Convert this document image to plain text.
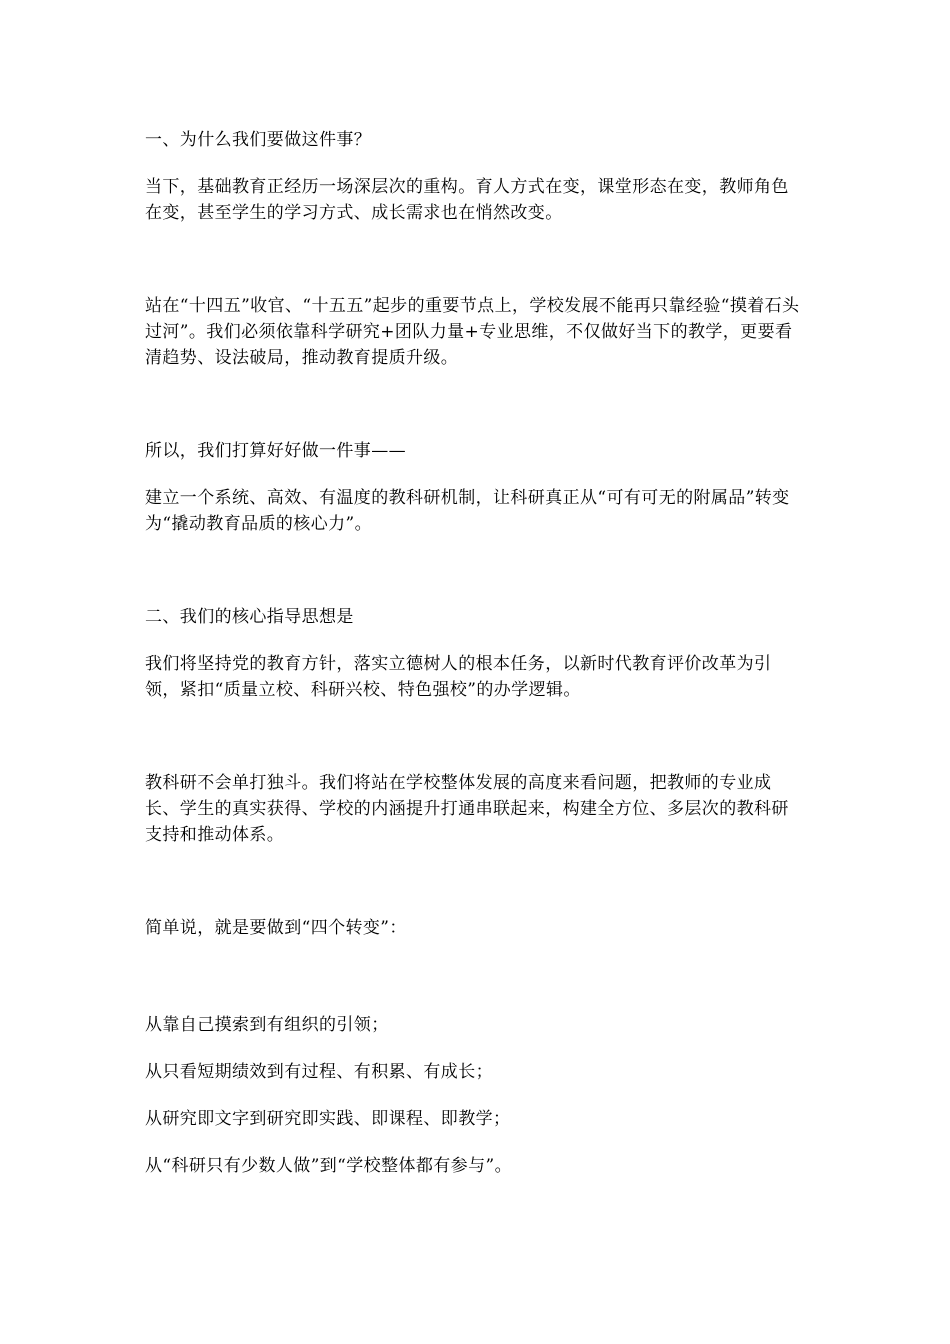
一、为什么我们要做这件事？

当下，基础教育正经历一场深层次的重构。育人方式在变，课堂形态在变，教师角色在变，甚至学生的学习方式、成长需求也在悄然改变。

站在“十四五”收官、“十五五”起步的重要节点上，学校发展不能再只靠经验“摸着石头过河”。我们必须依靠科学研究+团队力量+专业思维，不仅做好当下的教学，更要看清趋势、设法破局，推动教育提质升级。

所以，我们打算好好做一件事——

建立一个系统、高效、有温度的教科研机制，让科研真正从“可有可无的附属品”转变为“撬动教育品质的核心力”。

二、我们的核心指导思想是

我们将坚持党的教育方针，落实立德树人的根本任务，以新时代教育评价改革为引领，紧扣“质量立校、科研兴校、特色强校”的办学逻辑。

教科研不会单打独斗。我们将站在学校整体发展的高度来看问题，把教师的专业成长、学生的真实获得、学校的内涵提升打通串联起来，构建全方位、多层次的教科研支持和推动体系。

简单说，就是要做到“四个转变”：

从靠自己摸索到有组织的引领；

从只看短期绩效到有过程、有积累、有成长；

从研究即文字到研究即实践、即课程、即教学；

从“科研只有少数人做”到“学校整体都有参与”。
